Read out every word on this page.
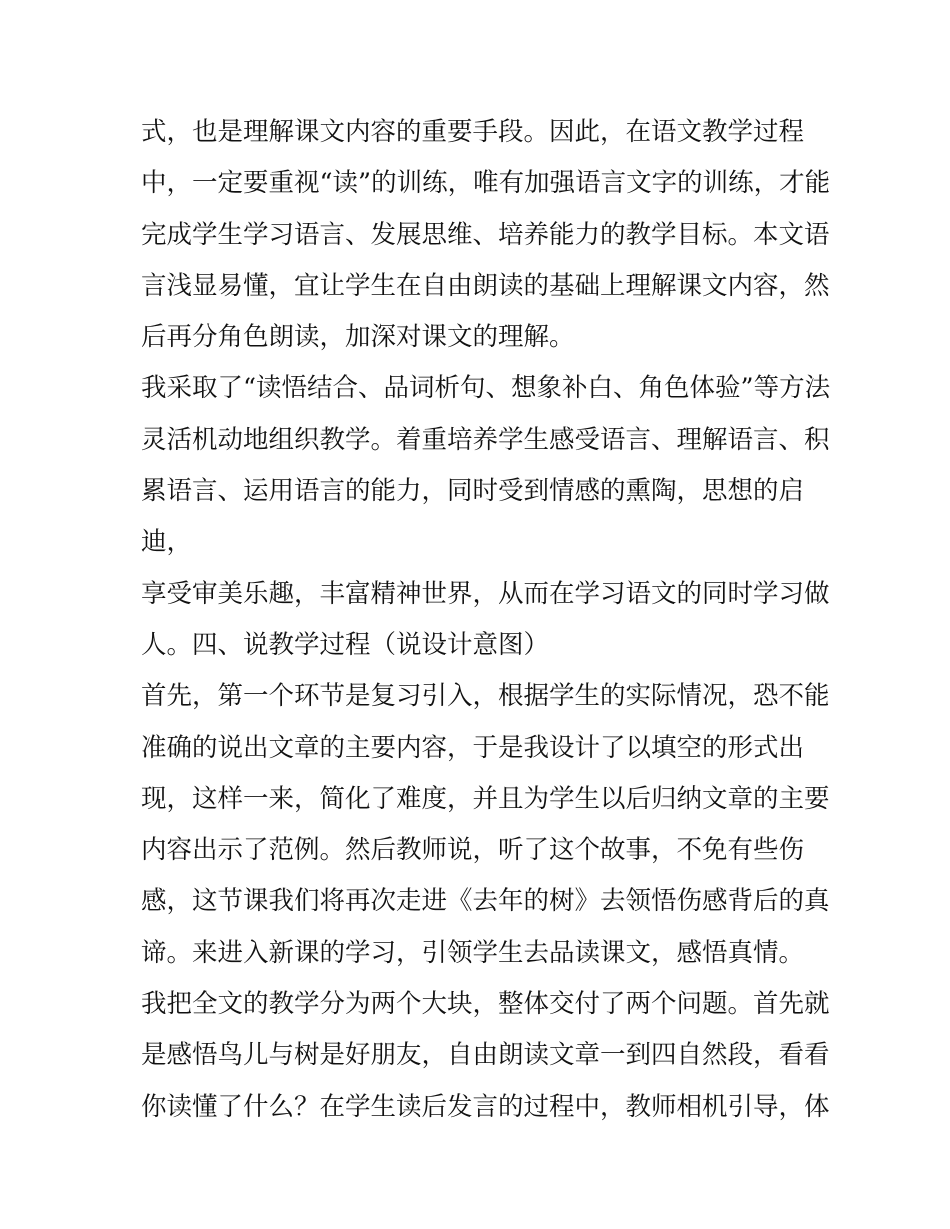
式，也是理解课文内容的重要手段。因此，在语文教学过程
中，一定要重视“读”的训练，唯有加强语言文字的训练，才能
完成学生学习语言、发展思维、培养能力的教学目标。本文语
言浅显易懂，宜让学生在自由朗读的基础上理解课文内容，然
后再分角色朗读，加深对课文的理解。
我采取了“读悟结合、品词析句、想象补白、角色体验”等方法
灵活机动地组织教学。着重培养学生感受语言、理解语言、积
累语言、运用语言的能力，同时受到情感的熏陶，思想的启
迪，
享受审美乐趣，丰富精神世界，从而在学习语文的同时学习做
人。四、说教学过程（说设计意图）
首先，第一个环节是复习引入，根据学生的实际情况，恐不能
准确的说出文章的主要内容，于是我设计了以填空的形式出
现，这样一来，简化了难度，并且为学生以后归纳文章的主要
内容出示了范例。然后教师说，听了这个故事，不免有些伤
感，这节课我们将再次走进《去年的树》去领悟伤感背后的真
谛。来进入新课的学习，引领学生去品读课文，感悟真情。
我把全文的教学分为两个大块，整体交付了两个问题。首先就
是感悟鸟儿与树是好朋友，自由朗读文章一到四自然段，看看
你读懂了什么？在学生读后发言的过程中，教师相机引导，体
